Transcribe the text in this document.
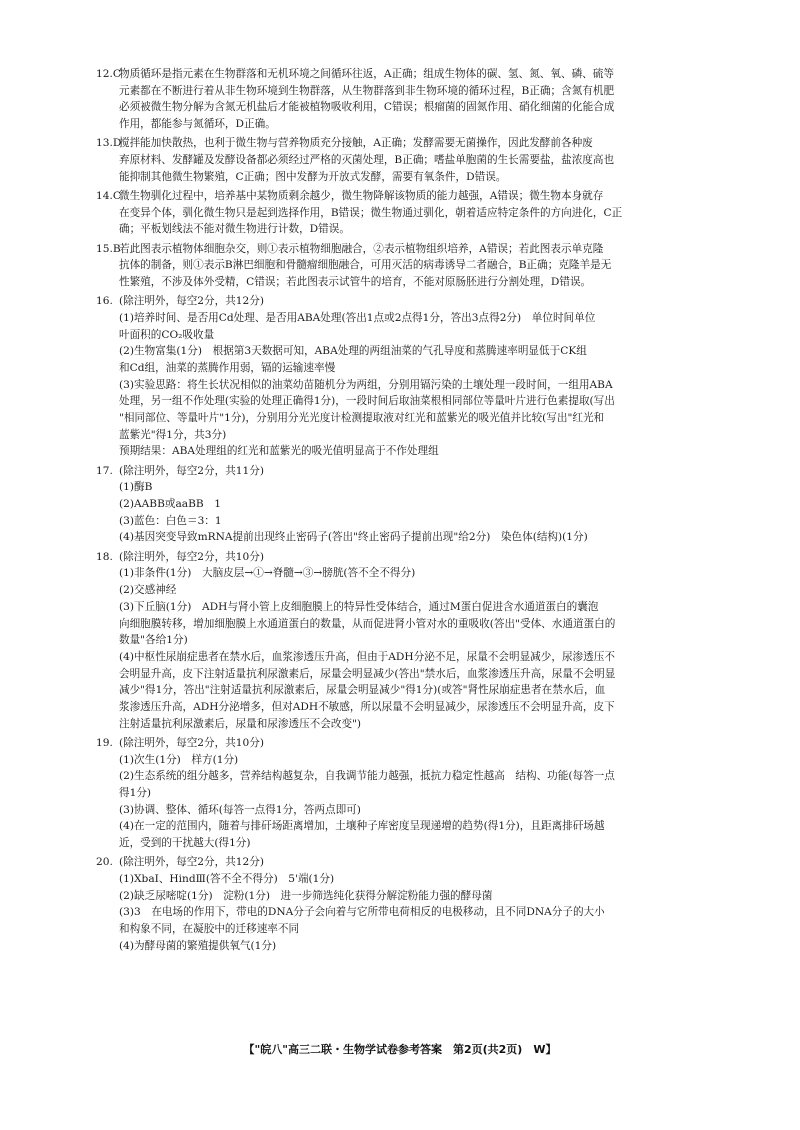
12.C物质循环是指元素在生物群落和无机环境之间循环往返，A正确；组成生物体的碳、氢、氮、氧、磷、硫等
元素都在不断进行着从非生物环境到生物群落，从生物群落到非生物环境的循环过程，B正确；含氮有机肥
必须被微生物分解为含氮无机盐后才能被植物吸收利用，C错误；根瘤菌的固氮作用、硝化细菌的化能合成
作用，都能参与氮循环，D正确。
13.D搅拌能加快散热，也利于微生物与营养物质充分接触，A正确；发酵需要无菌操作，因此发酵前各种废
弃原材料、发酵罐及发酵设备都必须经过严格的灭菌处理，B正确；嗜盐单胞菌的生长需要盐，盐浓度高也
能抑制其他微生物繁殖，C正确；图中发酵为开放式发酵，需要有氧条件，D错误。
14.C微生物驯化过程中，培养基中某物质剩余越少，微生物降解该物质的能力越强，A错误；微生物本身就存
在变异个体，驯化微生物只是起到选择作用，B错误；微生物通过驯化，朝着适应特定条件的方向进化，C正
确；平板划线法不能对微生物进行计数，D错误。
15.B若此图表示植物体细胞杂交，则①表示植物细胞融合，②表示植物组织培养，A错误；若此图表示单克隆
抗体的制备，则①表示B淋巴细胞和骨髓瘤细胞融合，可用灭活的病毒诱导二者融合，B正确；克隆羊是无
性繁殖，不涉及体外受精，C错误；若此图表示试管牛的培育，不能对原肠胚进行分割处理，D错误。
16. (除注明外，每空2分，共12分)
(1)培养时间、是否用Cd处理、是否用ABA处理(答出1点或2点得1分，答出3点得2分)　单位时间单位
叶面积的CO₂吸收量
(2)生物富集(1分)　根据第3天数据可知，ABA处理的两组油菜的气孔导度和蒸腾速率明显低于CK组
和Cd组，油菜的蒸腾作用弱，镉的运输速率慢
(3)实验思路：将生长状况相似的油菜幼苗随机分为两组，分别用镉污染的土壤处理一段时间，一组用ABA
处理，另一组不作处理(实验的处理正确得1分)，一段时间后取油菜根相同部位等量叶片进行色素提取(写出
"相同部位、等量叶片"1分)，分别用分光光度计检测提取液对红光和蓝紫光的吸光值并比较(写出"红光和
蓝紫光"得1分，共3分)
预期结果：ABA处理组的红光和蓝紫光的吸光值明显高于不作处理组
17. (除注明外，每空2分，共11分)
(1)酶B
(2)AABB或aaBB　1
(3)蓝色：白色＝3：1
(4)基因突变导致mRNA提前出现终止密码子(答出"终止密码子提前出现"给2分)　染色体(结构)(1分)
18. (除注明外，每空2分，共10分)
(1)非条件(1分)　大脑皮层→①→脊髓→③→膀胱(答不全不得分)
(2)交感神经
(3)下丘脑(1分)　ADH与肾小管上皮细胞膜上的特异性受体结合，通过M蛋白促进含水通道蛋白的囊泡
向细胞膜转移，增加细胞膜上水通道蛋白的数量，从而促进肾小管对水的重吸收(答出"受体、水通道蛋白的
数量"各给1分)
(4)中枢性尿崩症患者在禁水后，血浆渗透压升高，但由于ADH分泌不足，尿量不会明显减少，尿渗透压不
会明显升高，皮下注射适量抗利尿激素后，尿量会明显减少(答出"禁水后，血浆渗透压升高，尿量不会明显
减少"得1分，答出"注射适量抗利尿激素后，尿量会明显减少"得1分)(或答"肾性尿崩症患者在禁水后，血
浆渗透压升高，ADH分泌增多，但对ADH不敏感，所以尿量不会明显减少，尿渗透压不会明显升高，皮下
注射适量抗利尿激素后，尿量和尿渗透压不会改变")
19. (除注明外，每空2分，共10分)
(1)次生(1分)　样方(1分)
(2)生态系统的组分越多，营养结构越复杂，自我调节能力越强，抵抗力稳定性越高　结构、功能(每答一点
得1分)
(3)协调、整体、循环(每答一点得1分，答两点即可)
(4)在一定的范围内，随着与排矸场距离增加，土壤种子库密度呈现递增的趋势(得1分)，且距离排矸场越
近，受到的干扰越大(得1分)
20. (除注明外，每空2分，共12分)
(1)XbaⅠ、HindⅢ(答不全不得分)　5'端(1分)
(2)缺乏尿嘧啶(1分)　淀粉(1分)　进一步筛选纯化获得分解淀粉能力强的酵母菌
(3)3　在电场的作用下，带电的DNA分子会向着与它所带电荷相反的电极移动，且不同DNA分子的大小
和构象不同，在凝胶中的迁移速率不同
(4)为酵母菌的繁殖提供氧气(1分)
【"皖八"高三二联・生物学试卷参考答案　第2页(共2页)　W】
